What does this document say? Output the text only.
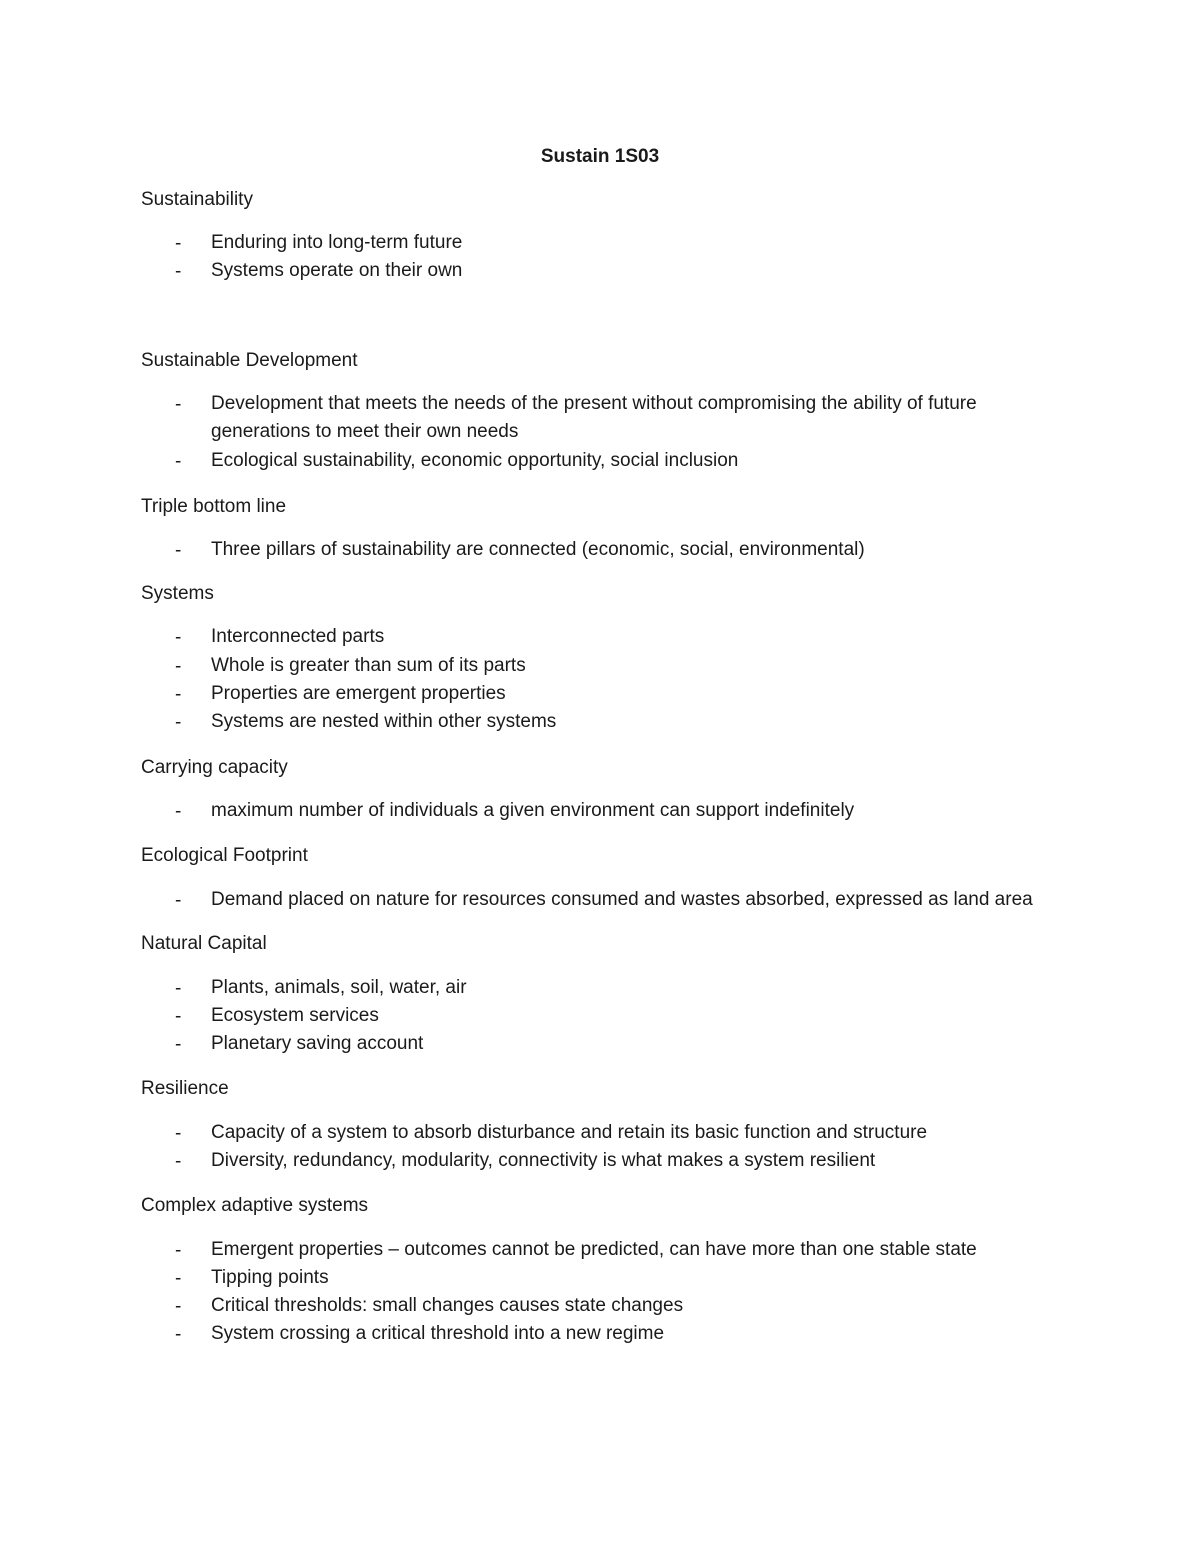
Sustain 1S03
Sustainability
- Enduring into long-term future
- Systems operate on their own
Sustainable Development
- Development that meets the needs of the present without compromising the ability of future generations to meet their own needs
- Ecological sustainability, economic opportunity, social inclusion
Triple bottom line
- Three pillars of sustainability are connected (economic, social, environmental)
Systems
- Interconnected parts
- Whole is greater than sum of its parts
- Properties are emergent properties
- Systems are nested within other systems
Carrying capacity
- maximum number of individuals a given environment can support indefinitely
Ecological Footprint
- Demand placed on nature for resources consumed and wastes absorbed, expressed as land area
Natural Capital
- Plants, animals, soil, water, air
- Ecosystem services
- Planetary saving account
Resilience
- Capacity of a system to absorb disturbance and retain its basic function and structure
- Diversity, redundancy, modularity, connectivity is what makes a system resilient
Complex adaptive systems
- Emergent properties – outcomes cannot be predicted, can have more than one stable state
- Tipping points
- Critical thresholds: small changes causes state changes
- System crossing a critical threshold into a new regime
